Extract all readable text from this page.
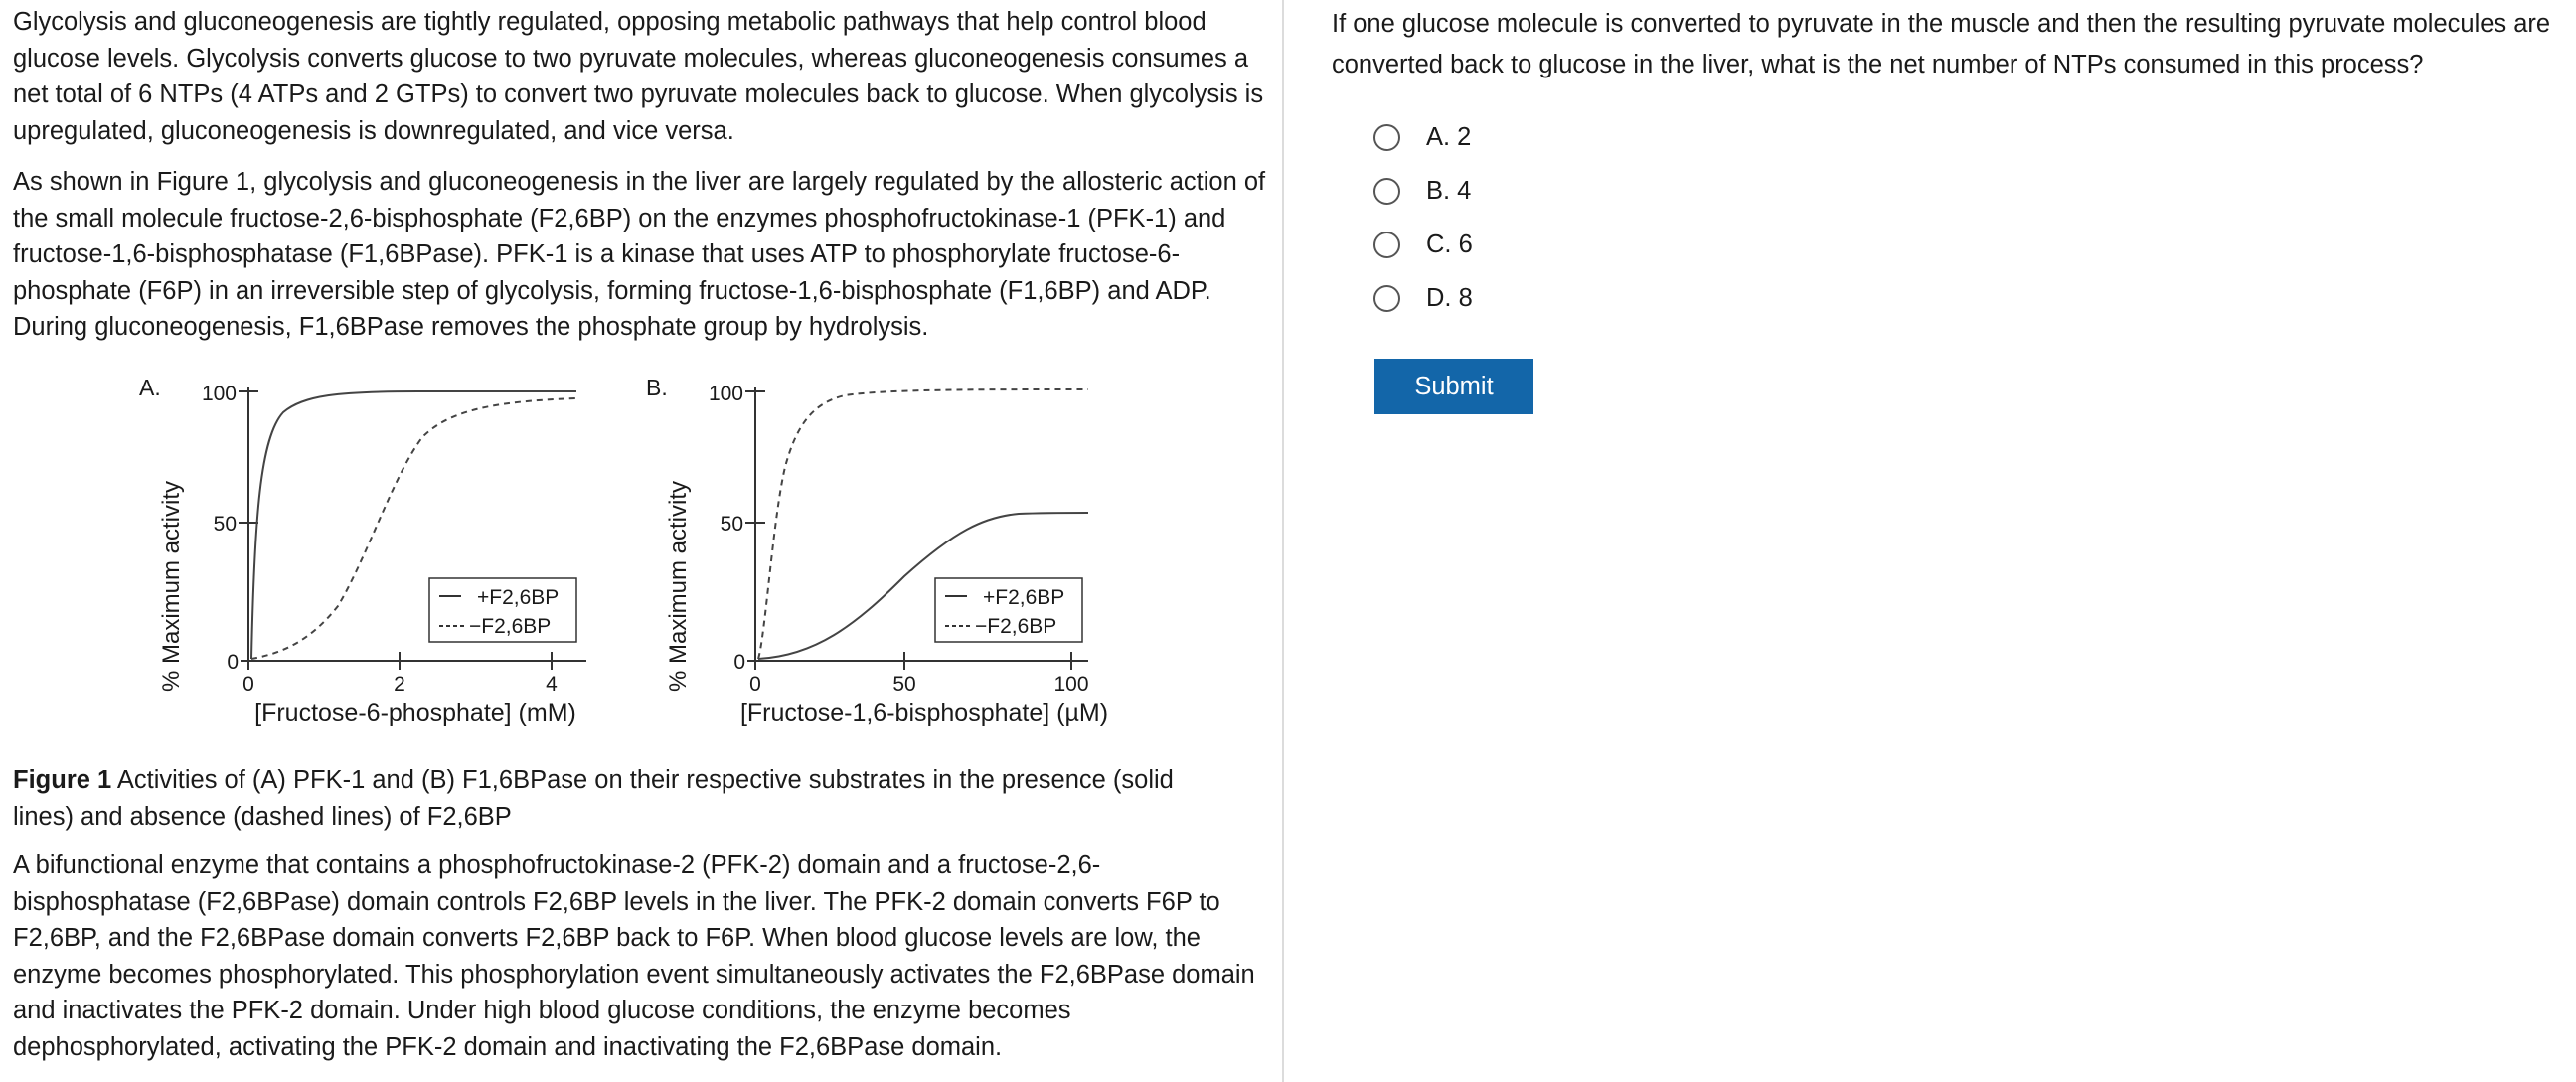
Glycolysis and gluconeogenesis are tightly regulated, opposing metabolic pathways that help control blood glucose levels. Glycolysis converts glucose to two pyruvate molecules, whereas gluconeogenesis consumes a net total of 6 NTPs (4 ATPs and 2 GTPs) to convert two pyruvate molecules back to glucose. When glycolysis is upregulated, gluconeogenesis is downregulated, and vice versa.

As shown in Figure 1, glycolysis and gluconeogenesis in the liver are largely regulated by the allosteric action of the small molecule fructose-2,6-bisphosphate (F2,6BP) on the enzymes phosphofructokinase-1 (PFK-1) and fructose-1,6-bisphosphatase (F1,6BPase). PFK-1 is a kinase that uses ATP to phosphorylate fructose-6-phosphate (F6P) in an irreversible step of glycolysis, forming fructose-1,6-bisphosphate (F1,6BP) and ADP. During gluconeogenesis, F1,6BPase removes the phosphate group by hydrolysis.

A.
% Maximum activity
100
50
0
0	2	4
[Fructose-6-phosphate] (mM)
+F2,6BP
−F2,6BP
B.
% Maximum activity
100
50
0
0	50	100
[Fructose-1,6-bisphosphate] (µM)
+F2,6BP
−F2,6BP

Figure 1 Activities of (A) PFK-1 and (B) F1,6BPase on their respective substrates in the presence (solid lines) and absence (dashed lines) of F2,6BP

A bifunctional enzyme that contains a phosphofructokinase-2 (PFK-2) domain and a fructose-2,6-bisphosphatase (F2,6BPase) domain controls F2,6BP levels in the liver. The PFK-2 domain converts F6P to F2,6BP, and the F2,6BPase domain converts F2,6BP back to F6P. When blood glucose levels are low, the enzyme becomes phosphorylated. This phosphorylation event simultaneously activates the F2,6BPase domain and inactivates the PFK-2 domain. Under high blood glucose conditions, the enzyme becomes dephosphorylated, activating the PFK-2 domain and inactivating the F2,6BPase domain.

If one glucose molecule is converted to pyruvate in the muscle and then the resulting pyruvate molecules are converted back to glucose in the liver, what is the net number of NTPs consumed in this process?

A. 2
B. 4
C. 6
D. 8
Submit
